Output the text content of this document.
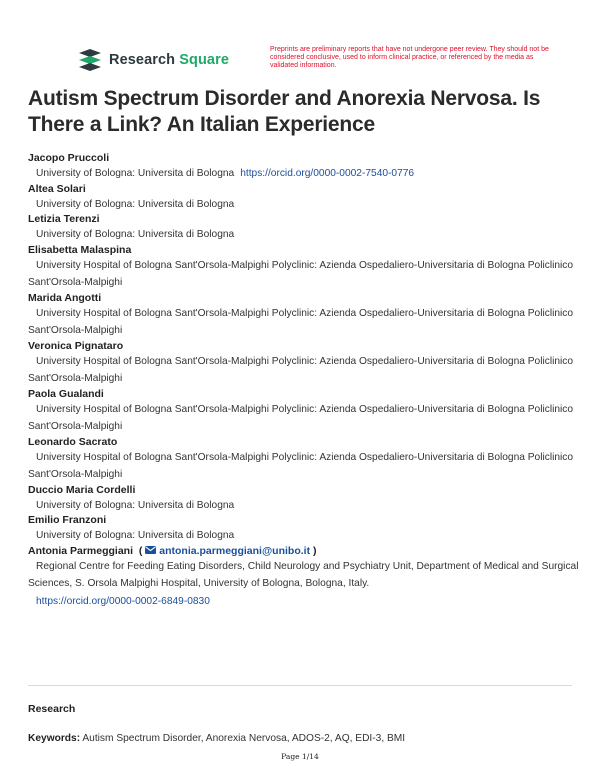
Research Square
Preprints are preliminary reports that have not undergone peer review. They should not be considered conclusive, used to inform clinical practice, or referenced by the media as validated information.
Autism Spectrum Disorder and Anorexia Nervosa. Is There a Link? An Italian Experience
Jacopo Pruccoli
University of Bologna: Universita di Bologna https://orcid.org/0000-0002-7540-0776
Altea Solari
University of Bologna: Universita di Bologna
Letizia Terenzi
University of Bologna: Universita di Bologna
Elisabetta Malaspina
University Hospital of Bologna Sant'Orsola-Malpighi Polyclinic: Azienda Ospedaliero-Universitaria di Bologna Policlinico Sant'Orsola-Malpighi
Marida Angotti
University Hospital of Bologna Sant'Orsola-Malpighi Polyclinic: Azienda Ospedaliero-Universitaria di Bologna Policlinico Sant'Orsola-Malpighi
Veronica Pignataro
University Hospital of Bologna Sant'Orsola-Malpighi Polyclinic: Azienda Ospedaliero-Universitaria di Bologna Policlinico Sant'Orsola-Malpighi
Paola Gualandi
University Hospital of Bologna Sant'Orsola-Malpighi Polyclinic: Azienda Ospedaliero-Universitaria di Bologna Policlinico Sant'Orsola-Malpighi
Leonardo Sacrato
University Hospital of Bologna Sant'Orsola-Malpighi Polyclinic: Azienda Ospedaliero-Universitaria di Bologna Policlinico Sant'Orsola-Malpighi
Duccio Maria Cordelli
University of Bologna: Universita di Bologna
Emilio Franzoni
University of Bologna: Universita di Bologna
Antonia Parmeggiani  ( antonia.parmeggiani@unibo.it )
Regional Centre for Feeding Eating Disorders, Child Neurology and Psychiatry Unit, Department of Medical and Surgical Sciences, S. Orsola Malpighi Hospital, University of Bologna, Bologna, Italy.
https://orcid.org/0000-0002-6849-0830
Research
Keywords: Autism Spectrum Disorder, Anorexia Nervosa, ADOS-2, AQ, EDI-3, BMI
Page 1/14
